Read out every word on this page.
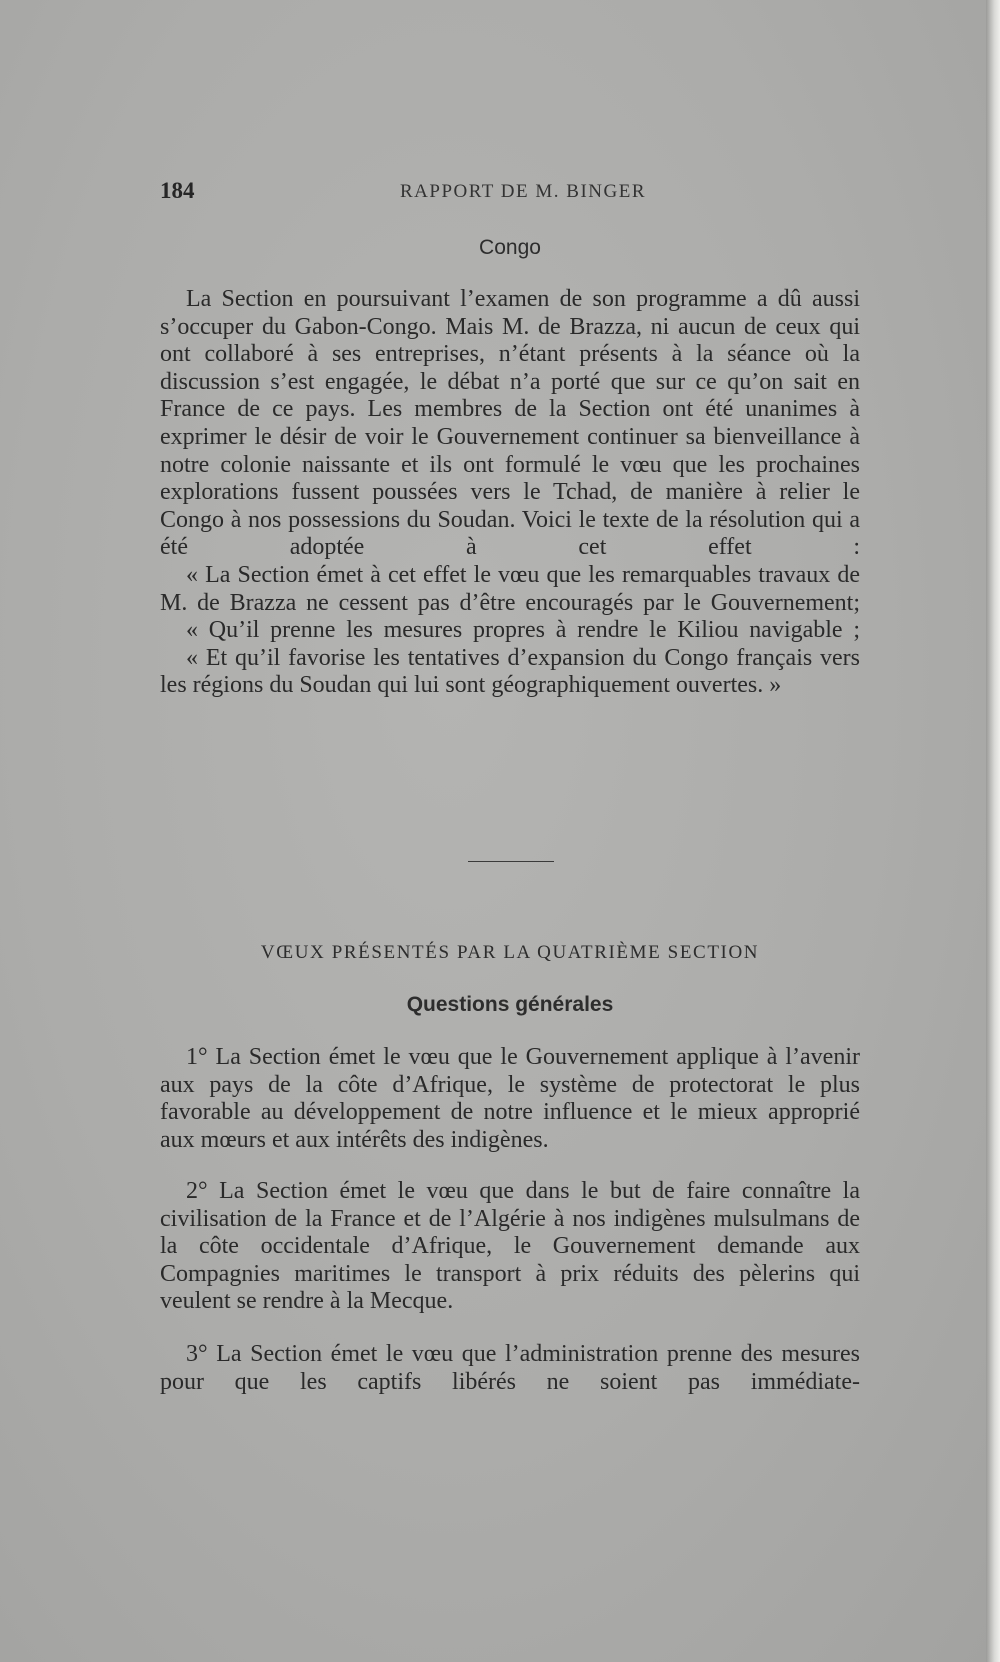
184	RAPPORT DE M. BINGER
Congo

La Section en poursuivant l’examen de son programme a dû aussi s’occuper du Gabon-Congo. Mais M. de Brazza, ni aucun de ceux qui ont collaboré à ses entreprises, n’étant présents à la séance où la discussion s’est engagée, le débat n’a porté que sur ce qu’on sait en France de ce pays. Les membres de la Section ont été unanimes à exprimer le désir de voir le Gouvernement continuer sa bienveillance à notre colonie naissante et ils ont formulé le vœu que les prochaines explorations fussent poussées vers le Tchad, de manière à relier le Congo à nos possessions du Soudan. Voici le texte de la résolution qui a été adoptée à cet effet :

« La Section émet à cet effet le vœu que les remarquables travaux de M. de Brazza ne cessent pas d’être encouragés par le Gouvernement;

« Qu’il prenne les mesures propres à rendre le Kiliou navigable ;

« Et qu’il favorise les tentatives d’expansion du Congo français vers les régions du Soudan qui lui sont géographiquement ouvertes. »

VŒUX PRÉSENTÉS PAR LA QUATRIÈME SECTION
Questions générales

1° La Section émet le vœu que le Gouvernement applique à l’avenir aux pays de la côte d’Afrique, le système de protectorat le plus favorable au développement de notre influence et le mieux approprié aux mœurs et aux intérêts des indigènes.

2° La Section émet le vœu que dans le but de faire connaître la civilisation de la France et de l’Algérie à nos indigènes mulsulmans de la côte occidentale d’Afrique, le Gouvernement demande aux Compagnies maritimes le transport à prix réduits des pèlerins qui veulent se rendre à la Mecque.

3° La Section émet le vœu que l’administration prenne des mesures pour que les captifs libérés ne soient pas immédiate-
